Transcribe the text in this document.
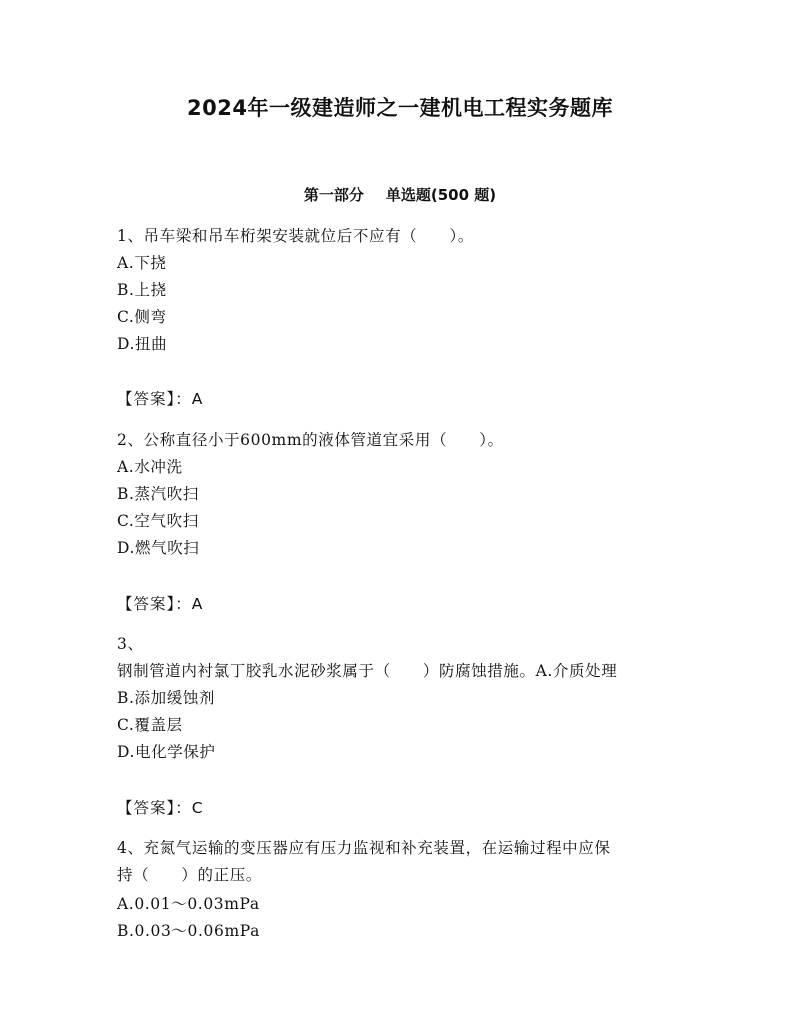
2024年一级建造师之一建机电工程实务题库
第一部分 单选题(500 题)
1、吊车梁和吊车桁架安装就位后不应有（　　）。
A.下挠
B.上挠
C.侧弯
D.扭曲
【答案】：A
2、公称直径小于600mm的液体管道宜采用（　　）。
A.水冲洗
B.蒸汽吹扫
C.空气吹扫
D.燃气吹扫
【答案】：A
3、
钢制管道内衬氯丁胶乳水泥砂浆属于（　　）防腐蚀措施。A.介质处理
B.添加缓蚀剂
C.覆盖层
D.电化学保护
【答案】：C
4、充氮气运输的变压器应有压力监视和补充装置，在运输过程中应保
持（　　）的正压。
A.0.01～0.03mPa
B.0.03～0.06mPa
